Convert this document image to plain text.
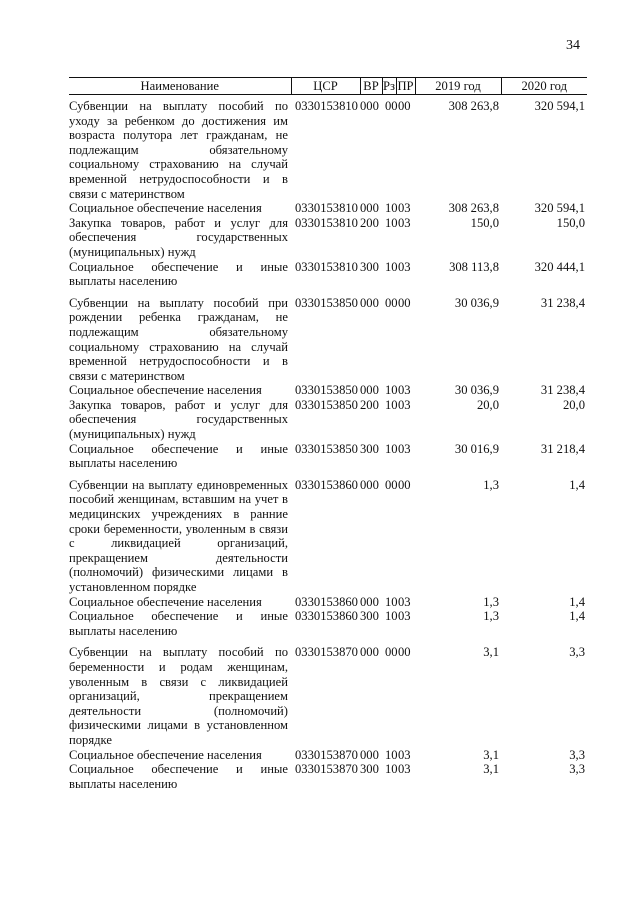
34
Наименование	ЦСР	ВР	Рз	ПР	2019 год	2020 год
Субвенции на выплату пособий по уходу за ребенком до достижения им возраста полутора лет гражданам, не подлежащим обязательному социальному страхованию на случай временной нетрудоспособности и в связи с материнством	0330153810	000	00	00	308 263,8	320 594,1
Социальное обеспечение населения	0330153810	000	10	03	308 263,8	320 594,1
Закупка товаров, работ и услуг для обеспечения государственных (муниципальных) нужд	0330153810	200	10	03	150,0	150,0
Социальное обеспечение и иные выплаты населению	0330153810	300	10	03	308 113,8	320 444,1
Субвенции на выплату пособий при рождении ребенка гражданам, не подлежащим обязательному социальному страхованию на случай временной нетрудоспособности и в связи с материнством	0330153850	000	00	00	30 036,9	31 238,4
Социальное обеспечение населения	0330153850	000	10	03	30 036,9	31 238,4
Закупка товаров, работ и услуг для обеспечения государственных (муниципальных) нужд	0330153850	200	10	03	20,0	20,0
Социальное обеспечение и иные выплаты населению	0330153850	300	10	03	30 016,9	31 218,4
Субвенции на выплату единовременных пособий женщинам, вставшим на учет в медицинских учреждениях в ранние сроки беременности, уволенным в связи с ликвидацией организаций, прекращением деятельности (полномочий) физическими лицами в установленном порядке	0330153860	000	00	00	1,3	1,4
Социальное обеспечение населения	0330153860	000	10	03	1,3	1,4
Социальное обеспечение и иные выплаты населению	0330153860	300	10	03	1,3	1,4
Субвенции на выплату пособий по беременности и родам женщинам, уволенным в связи с ликвидацией организаций, прекращением деятельности (полномочий) физическими лицами в установленном порядке	0330153870	000	00	00	3,1	3,3
Социальное обеспечение населения	0330153870	000	10	03	3,1	3,3
Социальное обеспечение и иные выплаты населению	0330153870	300	10	03	3,1	3,3
